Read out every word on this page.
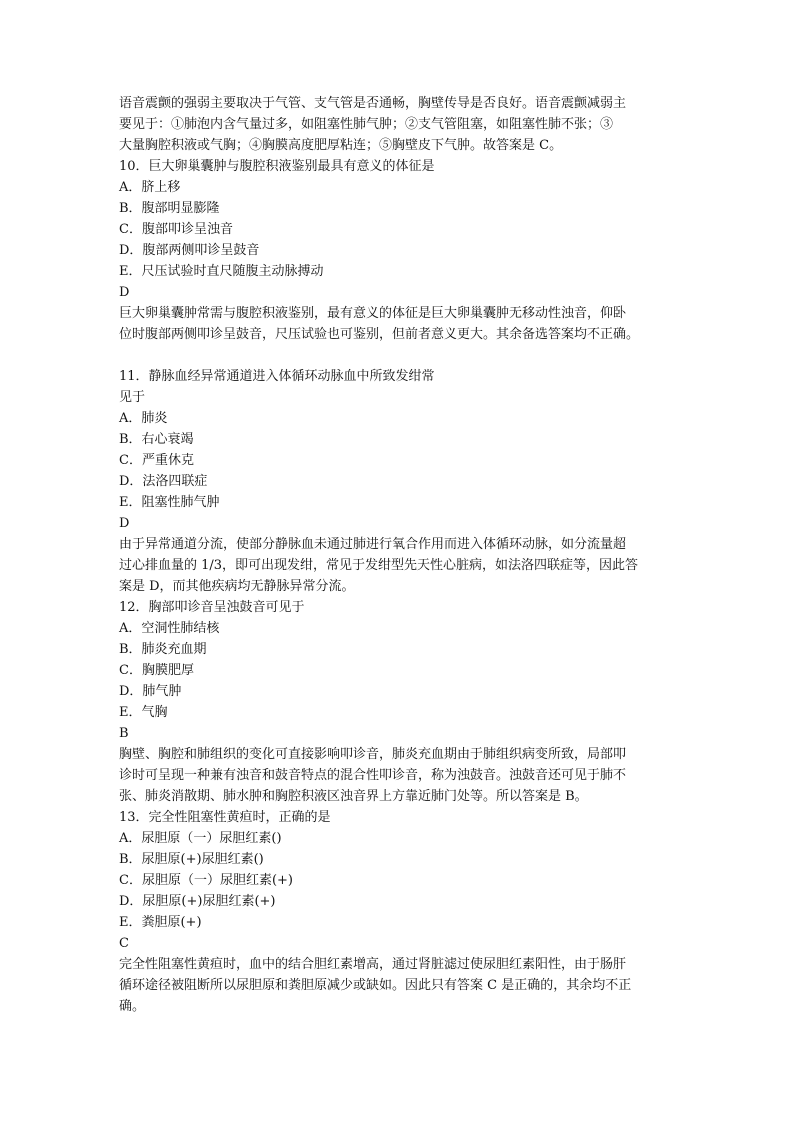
语音震颤的强弱主要取决于气管、支气管是否通畅，胸壁传导是否良好。语音震颤减弱主
要见于：①肺泡内含气量过多，如阻塞性肺气肿；②支气管阻塞，如阻塞性肺不张；③
大量胸腔积液或气胸；④胸膜高度肥厚粘连；⑤胸壁皮下气肿。故答案是 C。
10．巨大卵巢囊肿与腹腔积液鉴别最具有意义的体征是
A．脐上移
B．腹部明显膨隆
C．腹部叩诊呈浊音
D．腹部两侧叩诊呈鼓音
E．尺压试验时直尺随腹主动脉搏动
D
巨大卵巢囊肿常需与腹腔积液鉴别，最有意义的体征是巨大卵巢囊肿无移动性浊音，仰卧
位时腹部两侧叩诊呈鼓音，尺压试验也可鉴别，但前者意义更大。其余备选答案均不正确。
11．静脉血经异常通道进入体循环动脉血中所致发绀常
见于
A．肺炎
B．右心衰竭
C．严重休克
D．法洛四联症
E．阻塞性肺气肿
D
由于异常通道分流，使部分静脉血未通过肺进行氧合作用而进入体循环动脉，如分流量超
过心排血量的 1/3，即可出现发绀，常见于发绀型先天性心脏病，如法洛四联症等，因此答
案是 D，而其他疾病均无静脉异常分流。
12．胸部叩诊音呈浊鼓音可见于
A．空洞性肺结核
B．肺炎充血期
C．胸膜肥厚
D．肺气肿
E．气胸
B
胸壁、胸腔和肺组织的变化可直接影响叩诊音，肺炎充血期由于肺组织病变所致，局部叩
诊时可呈现一种兼有浊音和鼓音特点的混合性叩诊音，称为浊鼓音。浊鼓音还可见于肺不
张、肺炎消散期、肺水肿和胸腔积液区浊音界上方靠近肺门处等。所以答案是 B。
13．完全性阻塞性黄疸时，正确的是
A．尿胆原（一）尿胆红素()
B．尿胆原(+)尿胆红素()
C．尿胆原（一）尿胆红素(+)
D．尿胆原(+)尿胆红素(+)
E．粪胆原(+)
C
完全性阻塞性黄疸时，血中的结合胆红素增高，通过肾脏滤过使尿胆红素阳性，由于肠肝
循环途径被阻断所以尿胆原和粪胆原减少或缺如。因此只有答案 C 是正确的，其余均不正
确。
